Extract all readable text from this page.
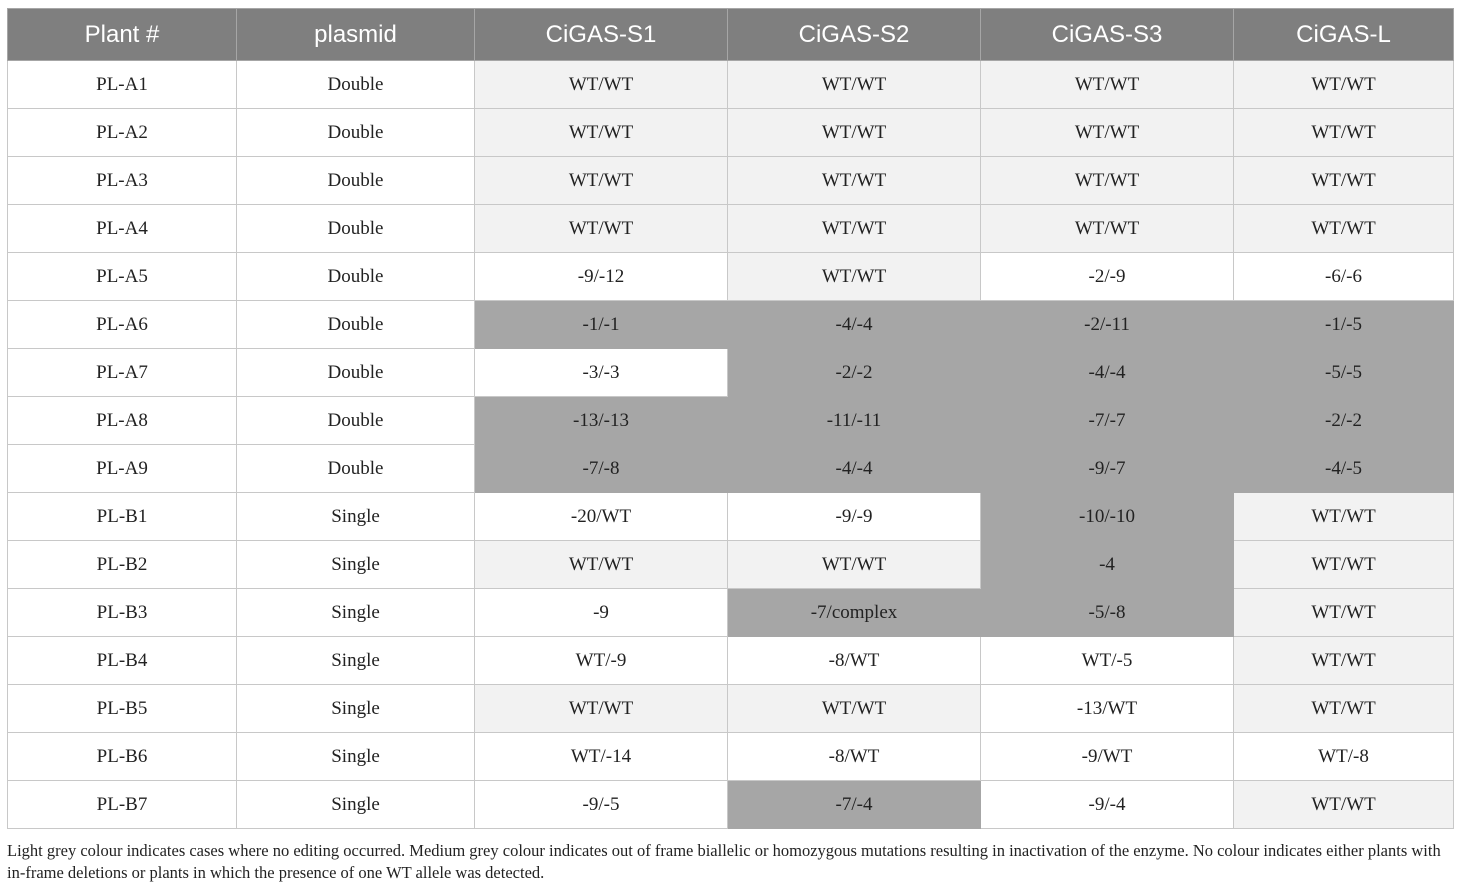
Plant #	plasmid	CiGAS-S1	CiGAS-S2	CiGAS-S3	CiGAS-L
PL-A1	Double	WT/WT	WT/WT	WT/WT	WT/WT
PL-A2	Double	WT/WT	WT/WT	WT/WT	WT/WT
PL-A3	Double	WT/WT	WT/WT	WT/WT	WT/WT
PL-A4	Double	WT/WT	WT/WT	WT/WT	WT/WT
PL-A5	Double	-9/-12	WT/WT	-2/-9	-6/-6
PL-A6	Double	-1/-1	-4/-4	-2/-11	-1/-5
PL-A7	Double	-3/-3	-2/-2	-4/-4	-5/-5
PL-A8	Double	-13/-13	-11/-11	-7/-7	-2/-2
PL-A9	Double	-7/-8	-4/-4	-9/-7	-4/-5
PL-B1	Single	-20/WT	-9/-9	-10/-10	WT/WT
PL-B2	Single	WT/WT	WT/WT	-4	WT/WT
PL-B3	Single	-9	-7/complex	-5/-8	WT/WT
PL-B4	Single	WT/-9	-8/WT	WT/-5	WT/WT
PL-B5	Single	WT/WT	WT/WT	-13/WT	WT/WT
PL-B6	Single	WT/-14	-8/WT	-9/WT	WT/-8
PL-B7	Single	-9/-5	-7/-4	-9/-4	WT/WT
Light grey colour indicates cases where no editing occurred. Medium grey colour indicates out of frame biallelic or homozygous mutations resulting in inactivation of the enzyme. No colour indicates either plants with in-frame deletions or plants in which the presence of one WT allele was detected.
